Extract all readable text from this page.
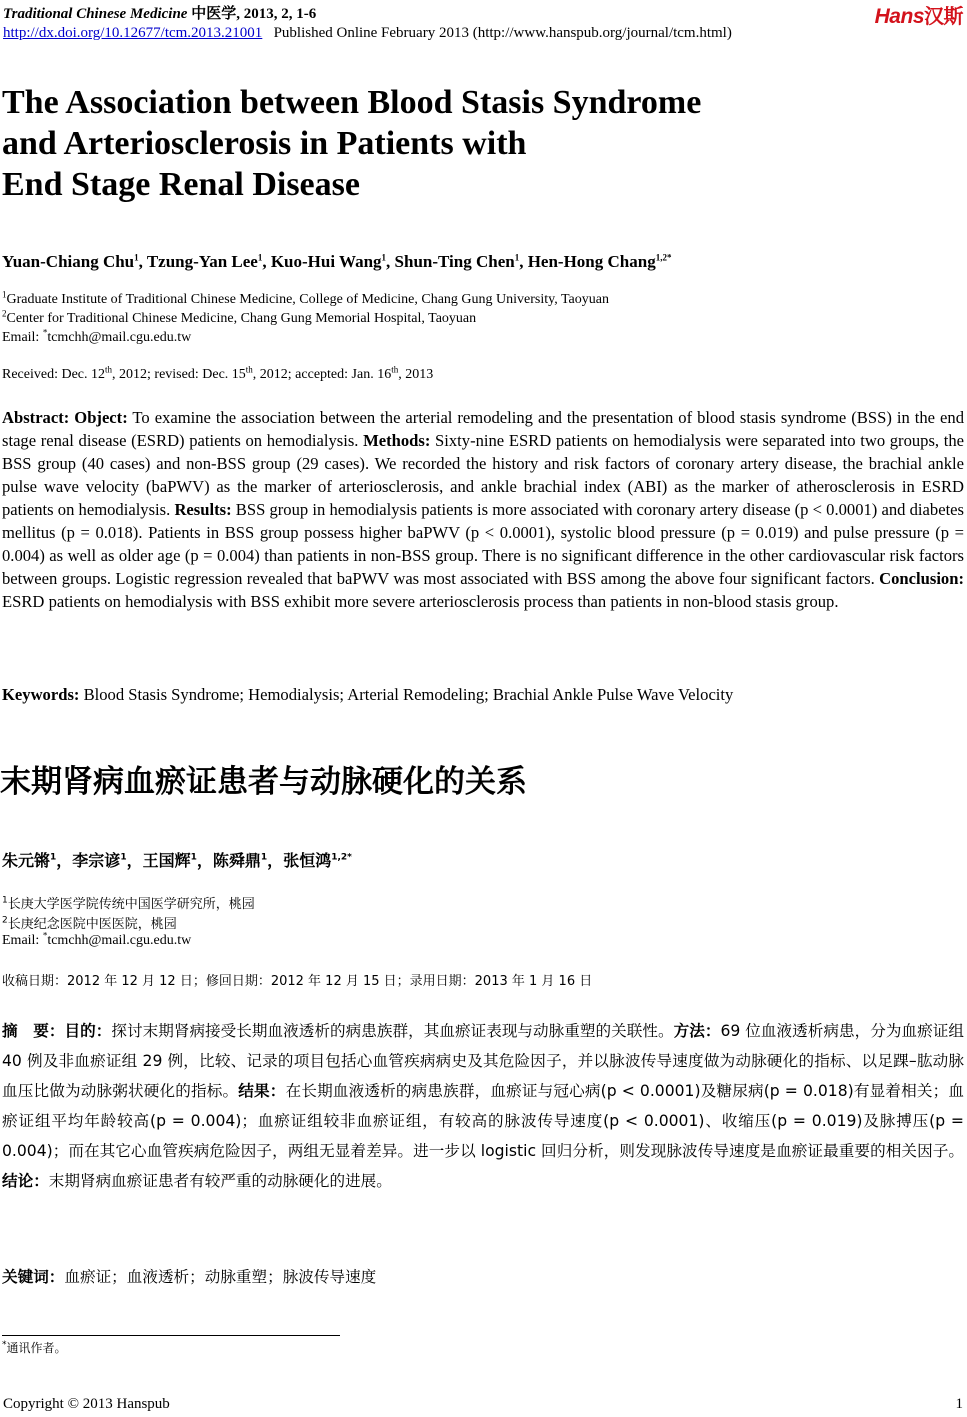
Traditional Chinese Medicine 中医学, 2013, 2, 1-6
http://dx.doi.org/10.12677/tcm.2013.21001 Published Online February 2013 (http://www.hanspub.org/journal/tcm.html)
Hans汉斯
The Association between Blood Stasis Syndrome
and Arteriosclerosis in Patients with
End Stage Renal Disease
Yuan-Chiang Chu$^1$, Tzung-Yan Lee$^1$, Kuo-Hui Wang$^1$, Shun-Ting Chen$^1$, Hen-Hong Chang$^{1,2*}$
$^1$Graduate Institute of Traditional Chinese Medicine, College of Medicine, Chang Gung University, Taoyuan
$^2$Center for Traditional Chinese Medicine, Chang Gung Memorial Hospital, Taoyuan
Email: *tcmchh@mail.cgu.edu.tw
Received: Dec. 12th, 2012; revised: Dec. 15th, 2012; accepted: Jan. 16th, 2013
Abstract: Object: To examine the association between the arterial remodeling and the presentation of blood stasis syndrome (BSS) in the end stage renal disease (ESRD) patients on hemodialysis. Methods: Sixty-nine ESRD patients on hemodialysis were separated into two groups, the BSS group (40 cases) and non-BSS group (29 cases). We recorded the history and risk factors of coronary artery disease, the brachial ankle pulse wave velocity (baPWV) as the marker of arteriosclerosis, and ankle brachial index (ABI) as the marker of atherosclerosis in ESRD patients on hemodialysis. Results: BSS group in hemodialysis patients is more associated with coronary artery disease (p < 0.0001) and diabetes mellitus (p = 0.018). Patients in BSS group possess higher baPWV (p < 0.0001), systolic blood pressure (p = 0.019) and pulse pressure (p = 0.004) as well as older age (p = 0.004) than patients in non-BSS group. There is no significant difference in the other cardiovascular risk factors between groups. Logistic regression revealed that baPWV was most associated with BSS among the above four significant factors. Conclusion: ESRD patients on hemodialysis with BSS exhibit more severe arteriosclerosis process than patients in non-blood stasis group.
Keywords: Blood Stasis Syndrome; Hemodialysis; Arterial Remodeling; Brachial Ankle Pulse Wave Velocity
末期肾病血瘀证患者与动脉硬化的关系
朱元锵$^1$，李宗谚$^1$，王国辉$^1$，陈舜鼎$^1$，张恒鸿$^{1,2*}$
$^1$长庚大学医学院传统中国医学研究所，桃园
$^2$长庚纪念医院中医医院，桃园
Email: *tcmchh@mail.cgu.edu.tw
收稿日期：2012 年 12 月 12 日；修回日期：2012 年 12 月 15 日；录用日期：2013 年 1 月 16 日
摘　要：目的：探讨末期肾病接受长期血液透析的病患族群，其血瘀证表现与动脉重塑的关联性。方法：69 位血液透析病患，分为血瘀证组 40 例及非血瘀证组 29 例，比较、记录的项目包括心血管疾病病史及其危险因子，并以脉波传导速度做为动脉硬化的指标、以足踝–肱动脉血压比做为动脉粥状硬化的指标。结果：在长期血液透析的病患族群，血瘀证与冠心病(p < 0.0001)及糖尿病(p = 0.018)有显着相关；血瘀证组平均年龄较高(p = 0.004)；血瘀证组较非血瘀证组，有较高的脉波传导速度(p < 0.0001)、收缩压(p = 0.019)及脉搏压(p = 0.004)；而在其它心血管疾病危险因子，两组无显着差异。进一步以 logistic 回归分析，则发现脉波传导速度是血瘀证最重要的相关因子。结论：末期肾病血瘀证患者有较严重的动脉硬化的进展。
关键词：血瘀证；血液透析；动脉重塑；脉波传导速度
*通讯作者。
Copyright © 2013 Hanspub	1
